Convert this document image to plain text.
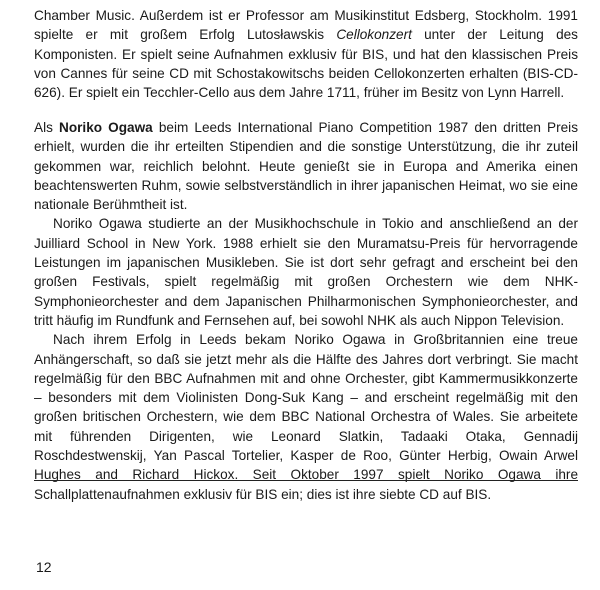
Chamber Music. Außerdem ist er Professor am Musikinstitut Edsberg, Stockholm. 1991 spielte er mit großem Erfolg Lutosławskis Cellokonzert unter der Leitung des Komponisten. Er spielt seine Aufnahmen exklusiv für BIS, und hat den klassischen Preis von Cannes für seine CD mit Schostakowitschs beiden Cellokonzerten erhalten (BIS-CD-626). Er spielt ein Tecchler-Cello aus dem Jahre 1711, früher im Besitz von Lynn Harrell.

Als Noriko Ogawa beim Leeds International Piano Competition 1987 den dritten Preis erhielt, wurden die ihr erteilten Stipendien and die sonstige Unterstützung, die ihr zuteil gekommen war, reichlich belohnt. Heute genießt sie in Europa and Amerika einen beachtenswerten Ruhm, sowie selbstverständlich in ihrer japanischen Heimat, wo sie eine nationale Berühmtheit ist.

Noriko Ogawa studierte an der Musikhochschule in Tokio and anschließend an der Juilliard School in New York. 1988 erhielt sie den Muramatsu-Preis für hervorragende Leistungen im japanischen Musikleben. Sie ist dort sehr gefragt and erscheint bei den großen Festivals, spielt regelmäßig mit großen Orchestern wie dem NHK-Symphonieorchester and dem Japanischen Philharmonischen Symphonieorchester, and tritt häufig im Rundfunk and Fernsehen auf, bei sowohl NHK als auch Nippon Television.

Nach ihrem Erfolg in Leeds bekam Noriko Ogawa in Großbritannien eine treue Anhängerschaft, so daß sie jetzt mehr als die Hälfte des Jahres dort verbringt. Sie macht regelmäßig für den BBC Aufnahmen mit and ohne Orchester, gibt Kammermusikkonzerte – besonders mit dem Violinisten Dong-Suk Kang – and erscheint regelmäßig mit den großen britischen Orchestern, wie dem BBC National Orchestra of Wales. Sie arbeitete mit führenden Dirigenten, wie Leonard Slatkin, Tadaaki Otaka, Gennadij Roschdestwenskij, Yan Pascal Tortelier, Kasper de Roo, Günter Herbig, Owain Arwel Hughes and Richard Hickox. Seit Oktober 1997 spielt Noriko Ogawa ihre Schallplattenaufnahmen exklusiv für BIS ein; dies ist ihre siebte CD auf BIS.

12
